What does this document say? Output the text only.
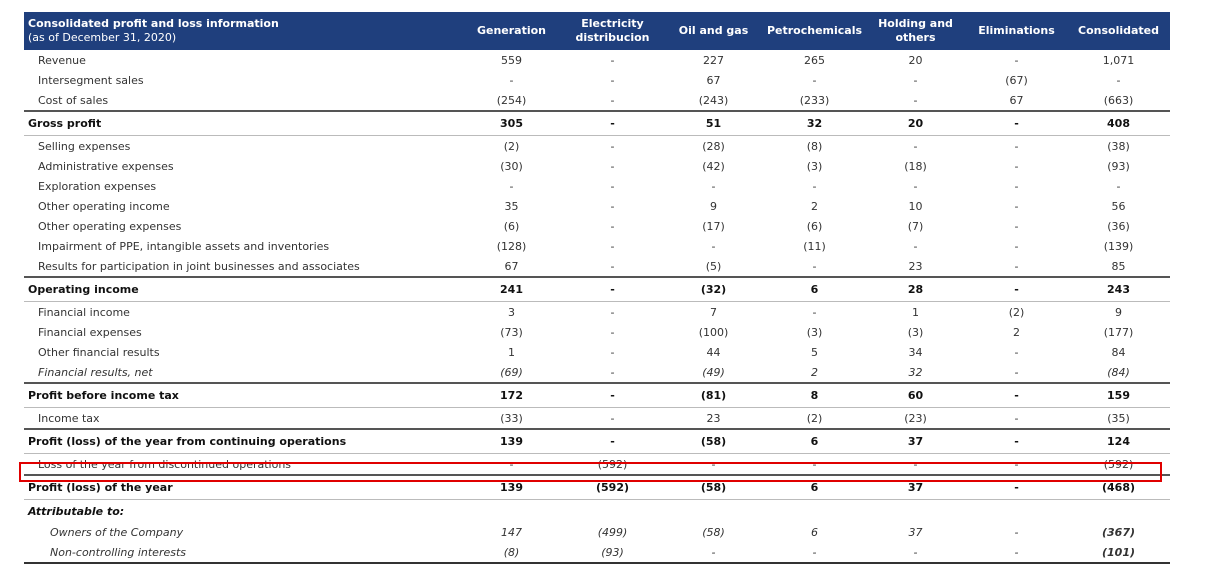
Consolidated profit and loss information
(as of December 31, 2020)	Generation	Electricity distribucion	Oil and gas	Petrochemicals	Holding and others	Eliminations	Consolidated
Revenue	559	-	227	265	20	-	1,071
Intersegment sales	-	-	67	-	-	(67)	-
Cost of sales	(254)	-	(243)	(233)	-	67	(663)
Gross profit	305	-	51	32	20	-	408
Selling expenses	(2)	-	(28)	(8)	-	-	(38)
Administrative expenses	(30)	-	(42)	(3)	(18)	-	(93)
Exploration expenses	-	-	-	-	-	-	-
Other operating income	35	-	9	2	10	-	56
Other operating expenses	(6)	-	(17)	(6)	(7)	-	(36)
Impairment of PPE, intangible assets and inventories	(128)	-	-	(11)	-	-	(139)
Results for participation in joint businesses and associates	67	-	(5)	-	23	-	85
Operating income	241	-	(32)	6	28	-	243
Financial income	3	-	7	-	1	(2)	9
Financial expenses	(73)	-	(100)	(3)	(3)	2	(177)
Other financial results	1	-	44	5	34	-	84
Financial results, net	(69)	-	(49)	2	32	-	(84)
Profit before income tax	172	-	(81)	8	60	-	159
Income tax	(33)	-	23	(2)	(23)	-	(35)
Profit (loss) of the year from continuing operations	139	-	(58)	6	37	-	124
Loss of the year from discontinued operations	-	(592)	-	-	-	-	(592)
Profit (loss) of the year	139	(592)	(58)	6	37	-	(468)
Attributable to:							
Owners of the Company	147	(499)	(58)	6	37	-	(367)
Non-controlling interests	(8)	(93)	-	-	-	-	(101)
